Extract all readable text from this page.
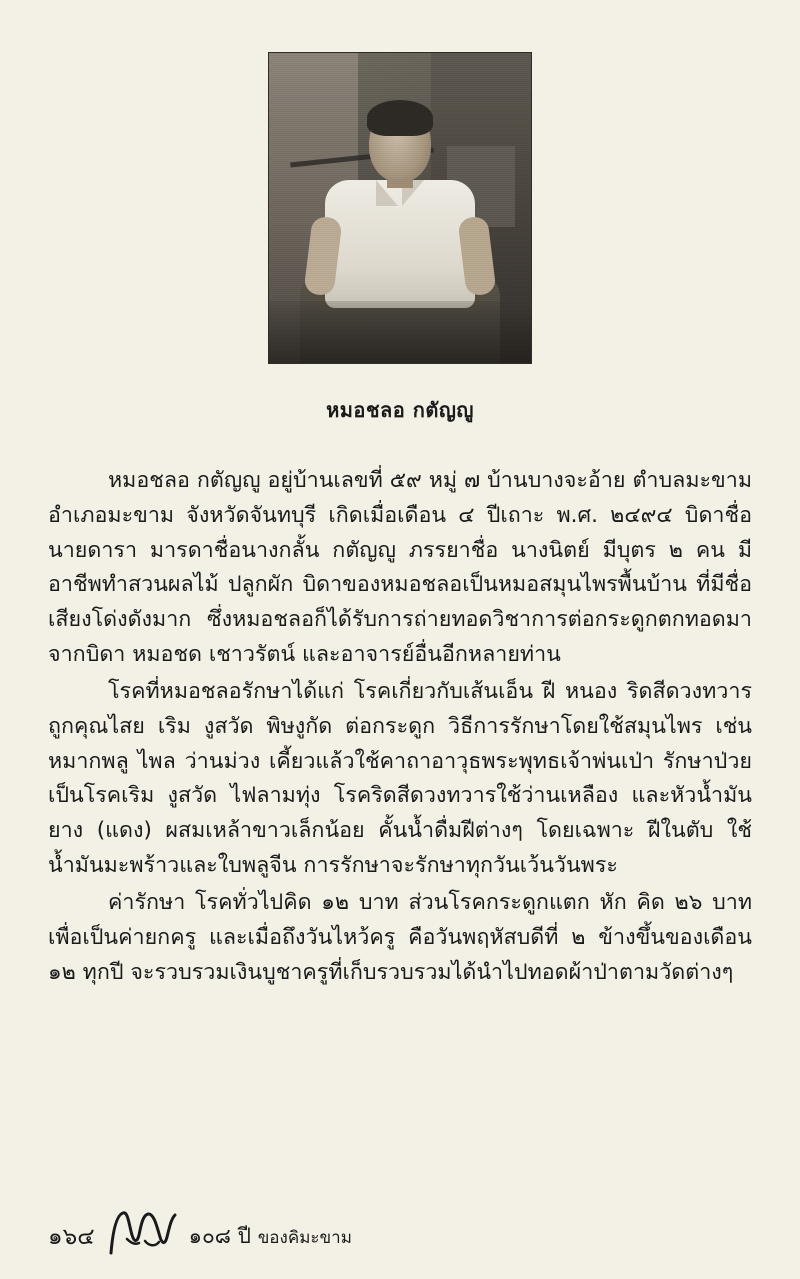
หมอชลอ กตัญญู

หมอชลอ กตัญญู อยู่บ้านเลขที่ ๕๙ หมู่ ๗ บ้านบางจะอ้าย ตำบลมะขาม อำเภอมะขาม จังหวัดจันทบุรี เกิดเมื่อเดือน ๔ ปีเถาะ พ.ศ. ๒๔๙๔ บิดาชื่อนายดารา มารดาชื่อนางกลั้น กตัญญู ภรรยาชื่อ นางนิตย์ มีบุตร ๒ คน มีอาชีพทำสวนผลไม้ ปลูกผัก บิดาของหมอชลอเป็นหมอสมุนไพรพื้นบ้าน ที่มีชื่อเสียงโด่งดังมาก ซึ่งหมอชลอก็ได้รับการถ่ายทอดวิชาการต่อกระดูกตกทอดมาจากบิดา หมอชด เชาวรัตน์ และอาจารย์อื่นอีกหลายท่าน

โรคที่หมอชลอรักษาได้แก่ โรคเกี่ยวกับเส้นเอ็น ฝี หนอง ริดสีดวงทวาร ถูกคุณไสย เริม งูสวัด พิษงูกัด ต่อกระดูก วิธีการรักษาโดยใช้สมุนไพร เช่น หมากพลู ไพล ว่านม่วง เคี้ยวแล้วใช้คาถาอาวุธพระพุทธเจ้าพ่นเป่า รักษาป่วยเป็นโรคเริม งูสวัด ไฟลามทุ่ง โรคริดสีดวงทวารใช้ว่านเหลือง และหัวน้ำมันยาง (แดง) ผสมเหล้าขาวเล็กน้อย คั้นน้ำดื่มฝีต่างๆ โดยเฉพาะ ฝีในตับ ใช้น้ำมันมะพร้าวและใบพลูจีน การรักษาจะรักษาทุกวันเว้นวันพระ

ค่ารักษา โรคทั่วไปคิด ๑๒ บาท ส่วนโรคกระดูกแตก หัก คิด ๒๖ บาท เพื่อเป็นค่ายกครู และเมื่อถึงวันไหว้ครู คือวันพฤหัสบดีที่ ๒ ข้างขึ้นของเดือน ๑๒ ทุกปี จะรวบรวมเงินบูชาครูที่เก็บรวบรวมได้นำไปทอดผ้าป่าตามวัดต่างๆ

๑๖๔	๑๐๘ ปี ของคิมะขาม
